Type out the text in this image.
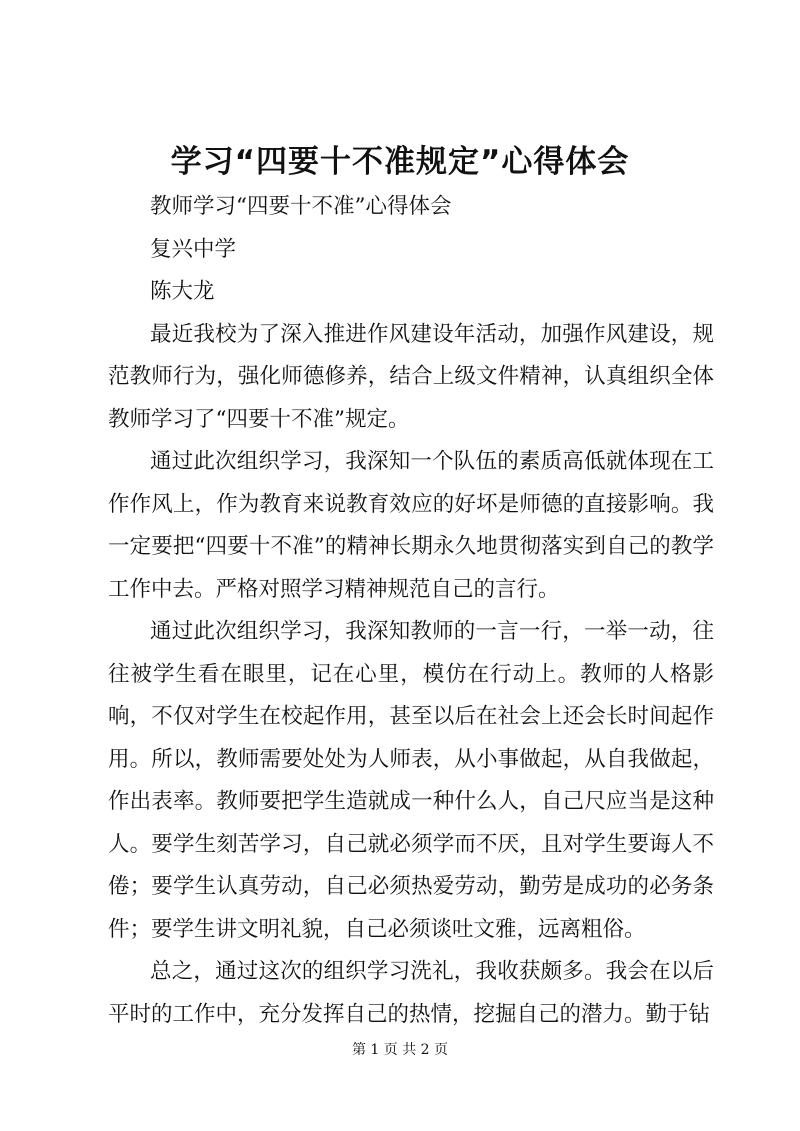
学习“四要十不准规定”心得体会

教师学习“四要十不准”心得体会

复兴中学

陈大龙

最近我校为了深入推进作风建设年活动，加强作风建设，规范教师行为，强化师德修养，结合上级文件精神，认真组织全体教师学习了“四要十不准”规定。

通过此次组织学习，我深知一个队伍的素质高低就体现在工作作风上，作为教育来说教育效应的好坏是师德的直接影响。我一定要把“四要十不准”的精神长期永久地贯彻落实到自己的教学工作中去。严格对照学习精神规范自己的言行。

通过此次组织学习，我深知教师的一言一行，一举一动，往往被学生看在眼里，记在心里，模仿在行动上。教师的人格影响，不仅对学生在校起作用，甚至以后在社会上还会长时间起作用。所以，教师需要处处为人师表，从小事做起，从自我做起，作出表率。教师要把学生造就成一种什么人，自己尺应当是这种人。要学生刻苦学习，自己就必须学而不厌，且对学生要诲人不倦；要学生认真劳动，自己必须热爱劳动，勤劳是成功的必务条件；要学生讲文明礼貌，自己必须谈吐文雅，远离粗俗。

总之，通过这次的组织学习洗礼，我收获颇多。我会在以后平时的工作中，充分发挥自己的热情，挖掘自己的潜力。勤于钻

第 1 页 共 2 页
